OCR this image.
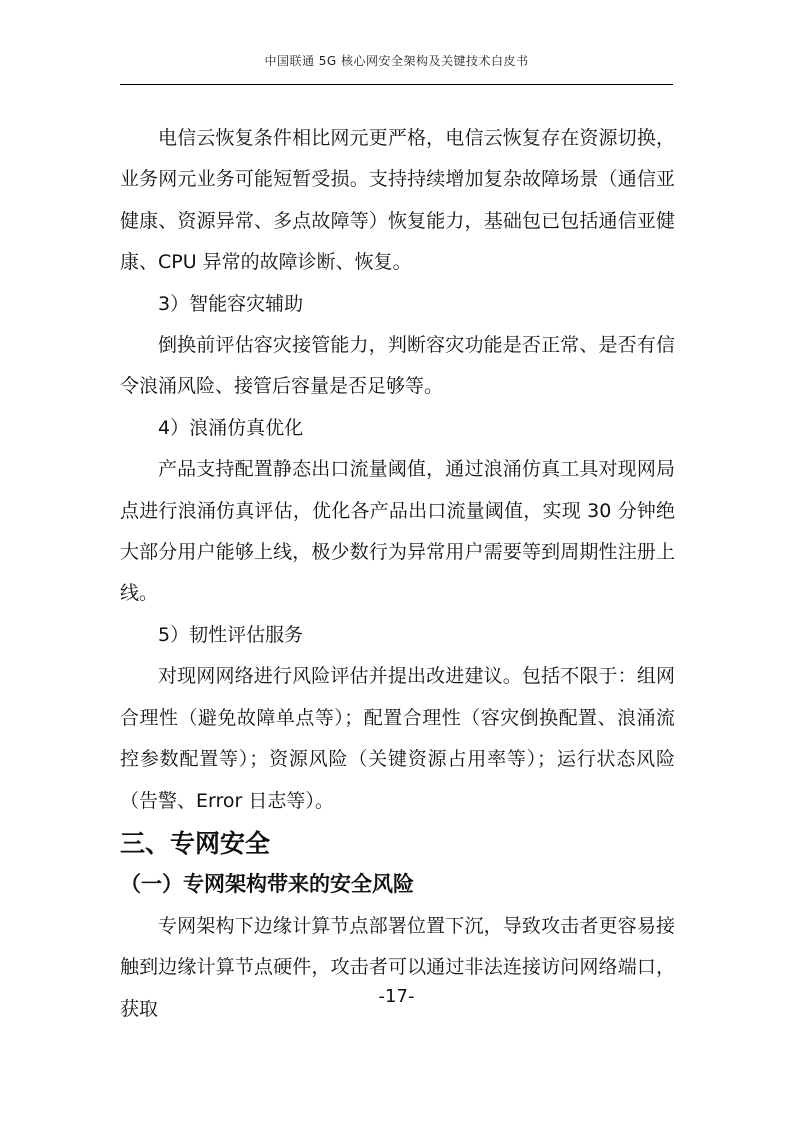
中国联通 5G 核心网安全架构及关键技术白皮书

电信云恢复条件相比网元更严格，电信云恢复存在资源切换，业务网元业务可能短暂受损。支持持续增加复杂故障场景（通信亚健康、资源异常、多点故障等）恢复能力，基础包已包括通信亚健康、CPU 异常的故障诊断、恢复。

3）智能容灾辅助

倒换前评估容灾接管能力，判断容灾功能是否正常、是否有信令浪涌风险、接管后容量是否足够等。

4）浪涌仿真优化

产品支持配置静态出口流量阈值，通过浪涌仿真工具对现网局点进行浪涌仿真评估，优化各产品出口流量阈值，实现 30 分钟绝大部分用户能够上线，极少数行为异常用户需要等到周期性注册上线。

5）韧性评估服务

对现网网络进行风险评估并提出改进建议。包括不限于：组网合理性（避免故障单点等）；配置合理性（容灾倒换配置、浪涌流控参数配置等）；资源风险（关键资源占用率等）；运行状态风险（告警、Error 日志等）。

三、专网安全
（一）专网架构带来的安全风险

专网架构下边缘计算节点部署位置下沉，导致攻击者更容易接触到边缘计算节点硬件，攻击者可以通过非法连接访问网络端口，获取

-17-
